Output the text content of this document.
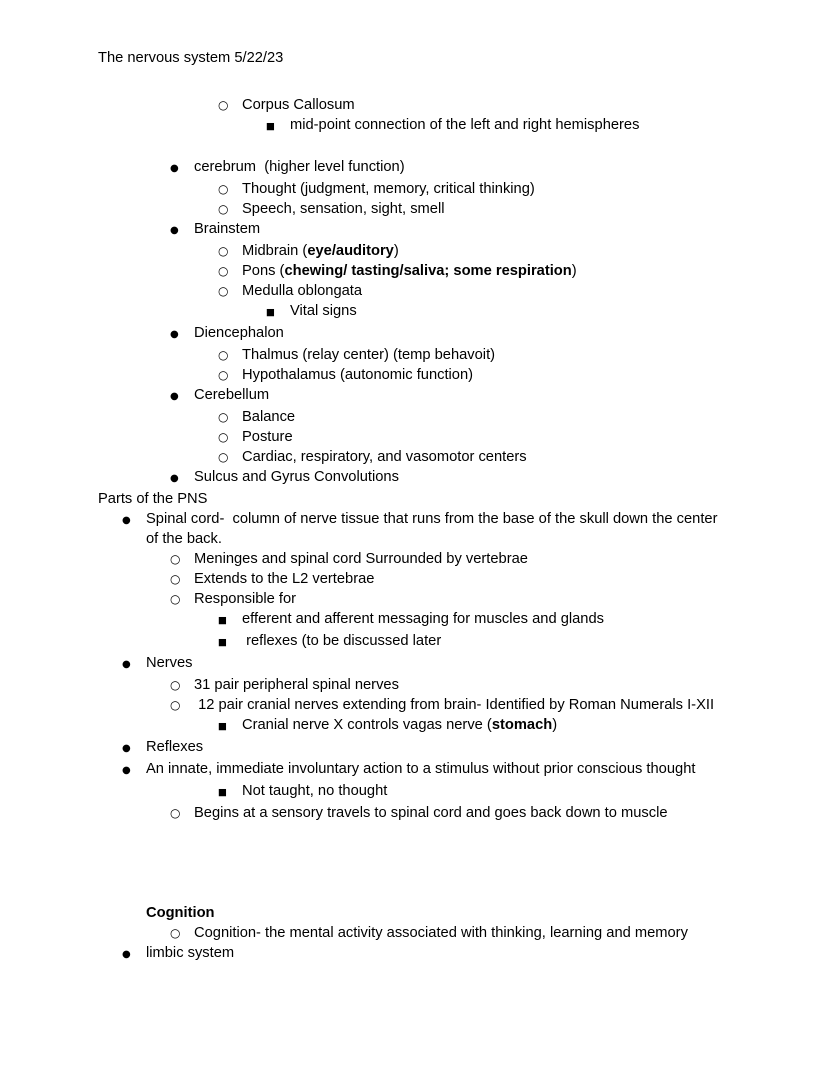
The nervous system 5/22/23
○ Corpus Callosum
■	mid-point connection of the left and right hemispheres
●	cerebrum  (higher level function)
○ Thought (judgment, memory, critical thinking)
○ Speech, sensation, sight, smell
●	Brainstem
○ Midbrain (eye/auditory)
○ Pons (chewing/ tasting/saliva; some respiration)
○ Medulla oblongata
■	Vital signs
●	Diencephalon
○ Thalmus (relay center) (temp behavoit)
○ Hypothalamus (autonomic function)
●	Cerebellum
○ Balance
○ Posture
○ Cardiac, respiratory, and vasomotor centers
●	Sulcus and Gyrus Convolutions
Parts of the PNS
●	Spinal cord-  column of nerve tissue that runs from the base of the skull down the center of the back.
○ Meninges and spinal cord Surrounded by vertebrae
○ Extends to the L2 vertebrae
○ Responsible for
■	efferent and afferent messaging for muscles and glands
■	reflexes (to be discussed later
●	Nerves
○ 31 pair peripheral spinal nerves
○ 12 pair cranial nerves extending from brain- Identified by Roman Numerals I-XII
■	Cranial nerve X controls vagas nerve (stomach)
●	Reflexes
●	An innate, immediate involuntary action to a stimulus without prior conscious thought
■	Not taught, no thought
○ Begins at a sensory travels to spinal cord and goes back down to muscle
Cognition
○ Cognition- the mental activity associated with thinking, learning and memory
●	limbic system
